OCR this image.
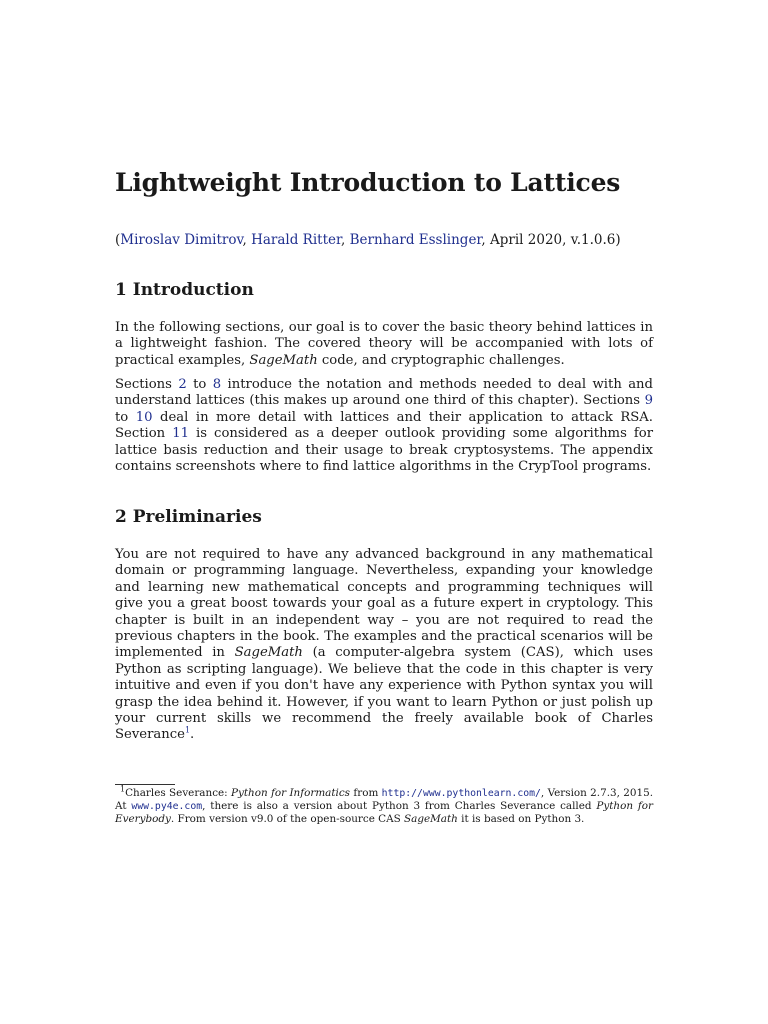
Lightweight Introduction to Lattices

(Miroslav Dimitrov, Harald Ritter, Bernhard Esslinger, April 2020, v.1.0.6)

1 Introduction

In the following sections, our goal is to cover the basic theory behind lattices in a lightweight fashion. The covered theory will be accompanied with lots of practical examples, SageMath code, and cryptographic challenges.

Sections 2 to 8 introduce the notation and methods needed to deal with and understand lattices (this makes up around one third of this chapter). Sections 9 to 10 deal in more detail with lattices and their application to attack RSA. Section 11 is considered as a deeper outlook providing some algorithms for lattice basis reduction and their usage to break cryptosystems. The appendix contains screenshots where to find lattice algorithms in the CrypTool programs.

2 Preliminaries

You are not required to have any advanced background in any mathematical domain or programming language. Nevertheless, expanding your knowledge and learning new mathematical concepts and programming techniques will give you a great boost towards your goal as a future expert in cryptology. This chapter is built in an independent way – you are not required to read the previous chapters in the book. The examples and the practical scenarios will be implemented in SageMath (a computer-algebra system (CAS), which uses Python as scripting language). We believe that the code in this chapter is very intuitive and even if you don't have any experience with Python syntax you will grasp the idea behind it. However, if you want to learn Python or just polish up your current skills we recommend the freely available book of Charles Severance$^1$.

$^1$Charles Severance: Python for Informatics from http://www.pythonlearn.com/, Version 2.7.3, 2015. At www.py4e.com, there is also a version about Python 3 from Charles Severance called Python for Everybody. From version v9.0 of the open-source CAS SageMath it is based on Python 3.
